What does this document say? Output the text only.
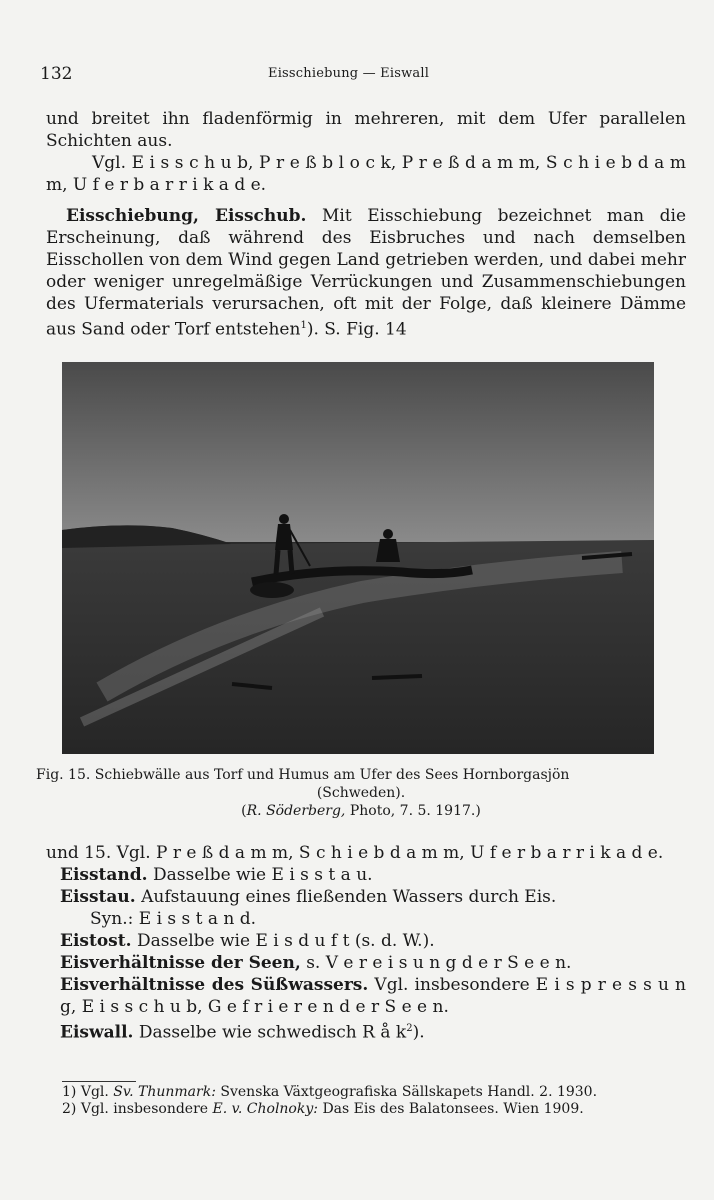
132	Eisschiebung — Eiswall
und breitet ihn fladenförmig in mehreren, mit dem Ufer parallelen Schichten aus.
Vgl. E i s s c h u b, P r e ß b l o c k, P r e ß d a m m, S c h i e b d a m m, U f e r b a r r i k a d e.
Eisschiebung, Eisschub. Mit Eisschiebung bezeichnet man die Erscheinung, daß während des Eisbruches und nach demselben Eisschollen von dem Wind gegen Land getrieben werden, und dabei mehr oder weniger unregelmäßige Verrückungen und Zusammenschiebungen des Ufermaterials verursachen, oft mit der Folge, daß kleinere Dämme aus Sand oder Torf entstehen$^1$). S. Fig. 14
Fig. 15. Schiebwälle aus Torf und Humus am Ufer des Sees Hornborgasjön
(Schweden).
(R. Söderberg, Photo, 7. 5. 1917.)
und 15. Vgl. P r e ß d a m m, S c h i e b d a m m, U f e r b a r r i k a d e.
Eisstand. Dasselbe wie E i s s t a u.
Eisstau. Aufstauung eines fließenden Wassers durch Eis.
Syn.: E i s s t a n d.
Eistost. Dasselbe wie E i s d u f t (s. d. W.).
Eisverhältnisse der Seen, s. V e r e i s u n g d e r S e e n.
Eisverhältnisse des Süßwassers. Vgl. insbesondere E i s p r e s s u n g, E i s s c h u b, G e f r i e r e n d e r S e e n.
Eiswall. Dasselbe wie schwedisch R å $k^2$).
1) Vgl. Sv. Thunmark: Svenska Växtgeografiska Sällskapets Handl. 2. 1930.
2) Vgl. insbesondere E. v. Cholnoky: Das Eis des Balatonsees. Wien 1909.
